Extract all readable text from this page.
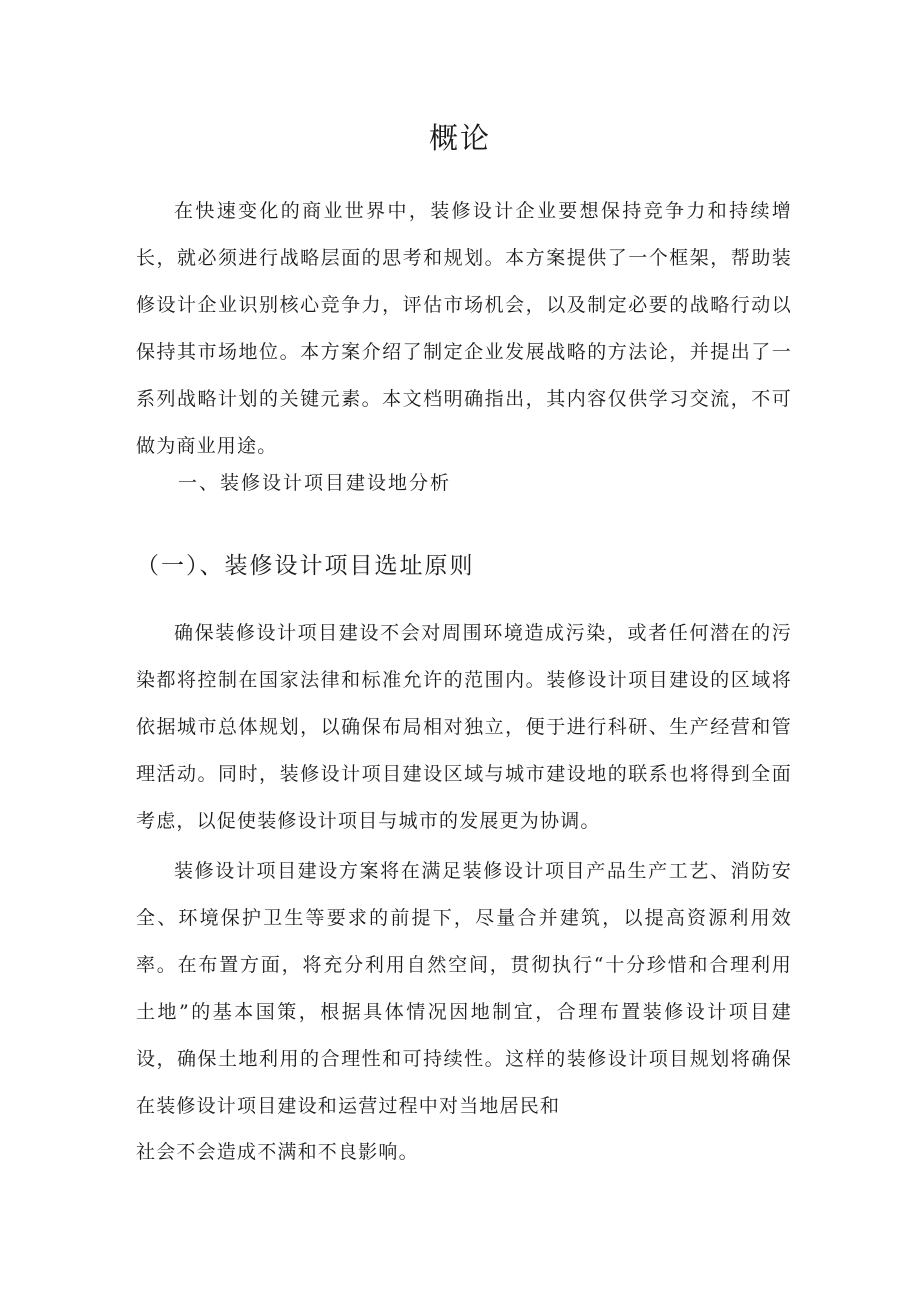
概论

在快速变化的商业世界中，装修设计企业要想保持竞争力和持续增长，就必须进行战略层面的思考和规划。本方案提供了一个框架，帮助装修设计企业识别核心竞争力，评估市场机会，以及制定必要的战略行动以保持其市场地位。本方案介绍了制定企业发展战略的方法论，并提出了一系列战略计划的关键元素。本文档明确指出，其内容仅供学习交流，不可做为商业用途。

一、装修设计项目建设地分析
（一）、装修设计项目选址原则

确保装修设计项目建设不会对周围环境造成污染，或者任何潜在的污染都将控制在国家法律和标准允许的范围内。装修设计项目建设的区域将依据城市总体规划，以确保布局相对独立，便于进行科研、生产经营和管理活动。同时，装修设计项目建设区域与城市建设地的联系也将得到全面考虑，以促使装修设计项目与城市的发展更为协调。

装修设计项目建设方案将在满足装修设计项目产品生产工艺、消防安全、环境保护卫生等要求的前提下，尽量合并建筑，以提高资源利用效率。在布置方面，将充分利用自然空间，贯彻执行“十分珍惜和合理利用土地”的基本国策，根据具体情况因地制宜，合理布置装修设计项目建设，确保土地利用的合理性和可持续性。这样的装修设计项目规划将确保在装修设计项目建设和运营过程中对当地居民和

社会不会造成不满和不良影响。
